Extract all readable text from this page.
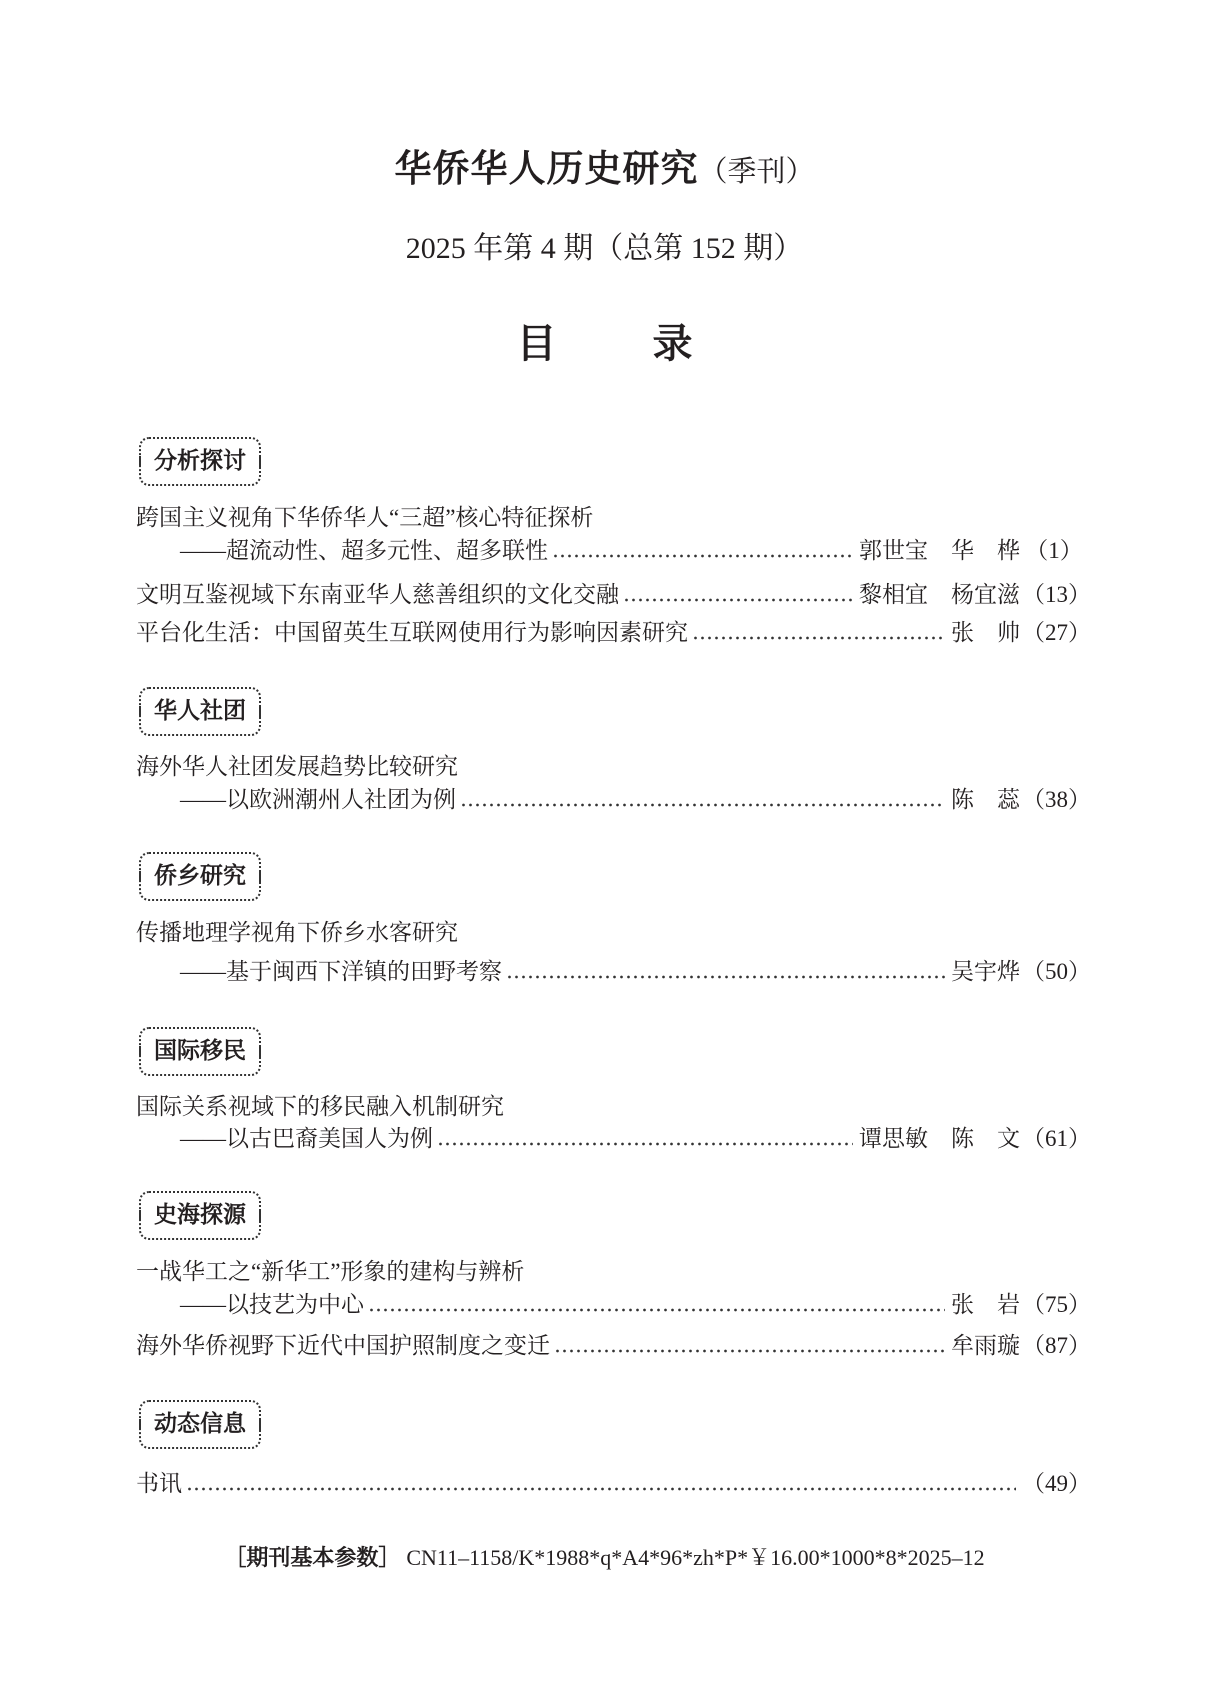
华侨华人历史研究（季刊）
2025 年第 4 期（总第 152 期）
目录
分析探讨
跨国主义视角下华侨华人“三超”核心特征探析
——超流动性、超多元性、超多联性	郭世宝　华　桦 （1）
文明互鉴视域下东南亚华人慈善组织的文化交融	黎相宜　杨宜滋 （13）
平台化生活：中国留英生互联网使用行为影响因素研究	张　帅 （27）
华人社团
海外华人社团发展趋势比较研究
——以欧洲潮州人社团为例	陈　蕊 （38）
侨乡研究
传播地理学视角下侨乡水客研究
——基于闽西下洋镇的田野考察	吴宇烨 （50）
国际移民
国际关系视域下的移民融入机制研究
——以古巴裔美国人为例	谭思敏　陈　文 （61）
史海探源
一战华工之“新华工”形象的建构与辨析
——以技艺为中心	张　岩 （75）
海外华侨视野下近代中国护照制度之变迁	牟雨璇 （87）
动态信息
书讯	（49）
［期刊基本参数］ CN11–1158/K*1988*q*A4*96*zh*P*￥16.00*1000*8*2025–12
